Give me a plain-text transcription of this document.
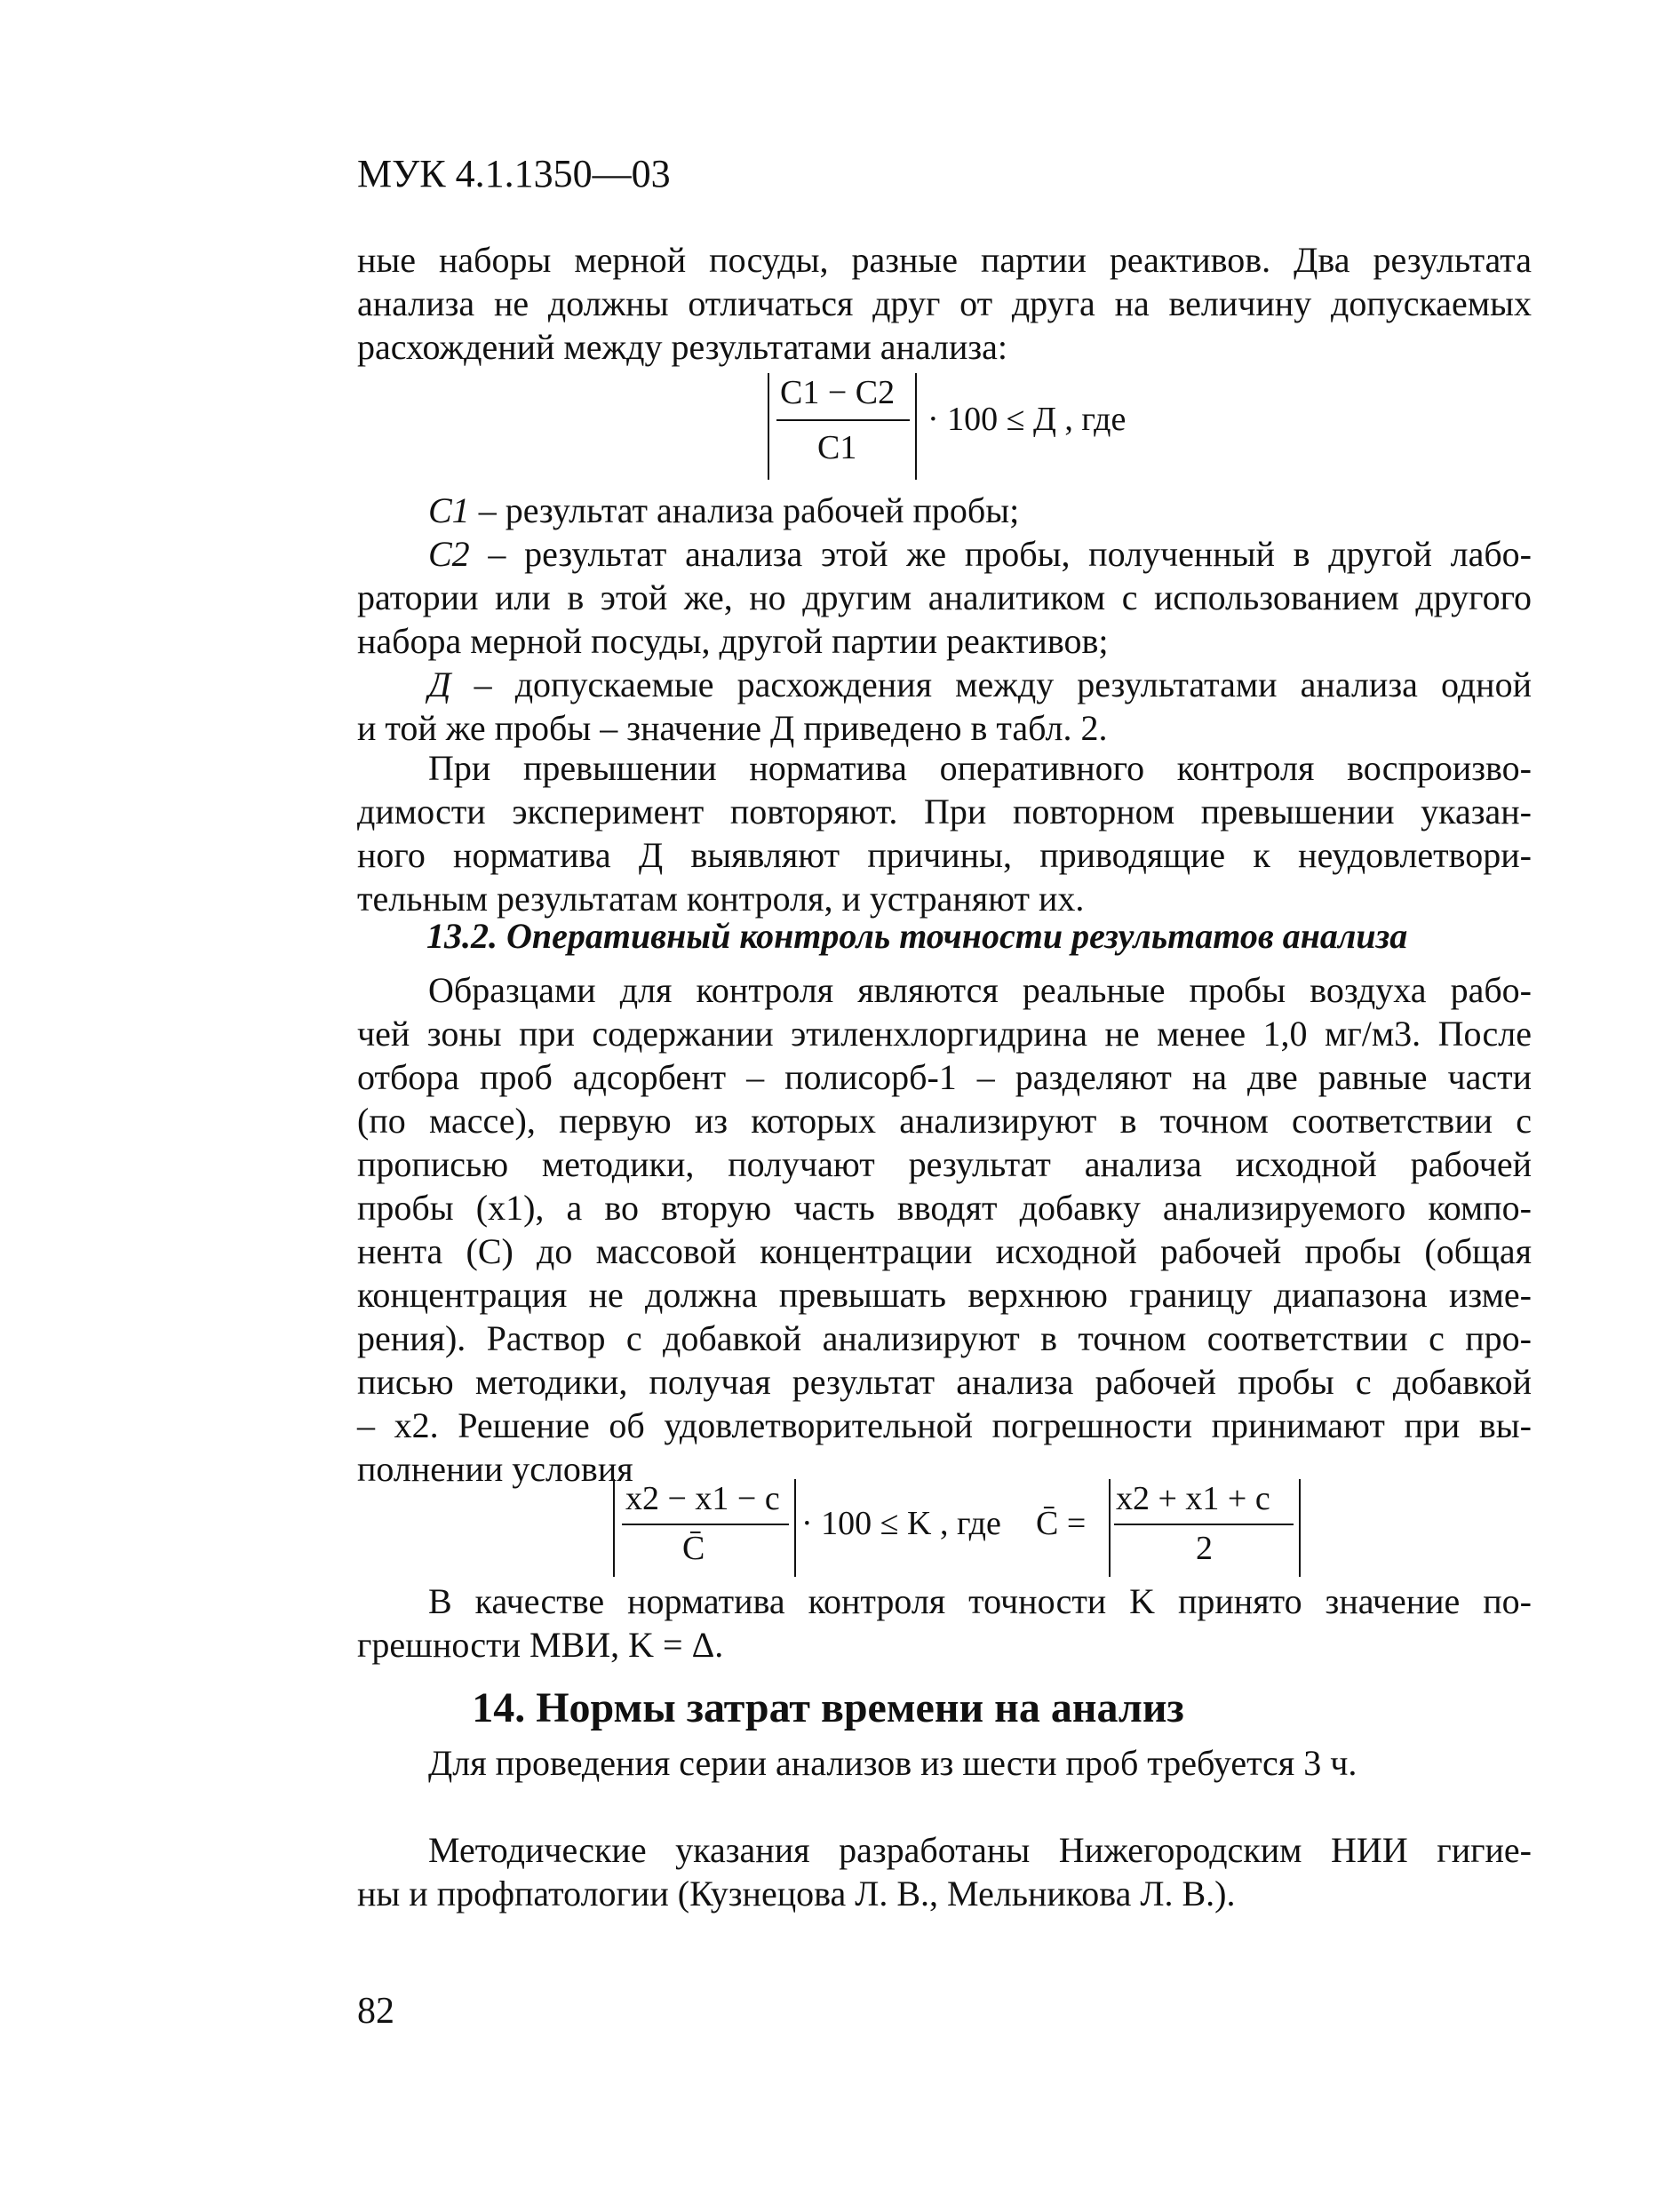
МУК 4.1.1350—03
ные наборы мерной посуды, разные партии реактивов. Два результата
анализа не должны отличаться друг от друга на величину допускаемых
расхождений между результатами анализа:
C1 − C2
C1
· 100 ≤ Д , где
C1 – результат анализа рабочей пробы;
C2 – результат анализа этой же пробы, полученный в другой лабо-
ратории или в этой же, но другим аналитиком с использованием другого
набора мерной посуды, другой партии реактивов;
Д – допускаемые расхождения между результатами анализа одной
и той же пробы – значение Д приведено в табл. 2.
При превышении норматива оперативного контроля воспроизво-
димости эксперимент повторяют. При повторном превышении указан-
ного норматива Д выявляют причины, приводящие к неудовлетвори-
тельным результатам контроля, и устраняют их.
13.2. Оперативный контроль точности результатов анализа
Образцами для контроля являются реальные пробы воздуха рабо-
чей зоны при содержании этиленхлоргидрина не менее 1,0 мг/м3. После
отбора проб адсорбент – полисорб-1 – разделяют на две равные части
(по массе), первую из которых анализируют в точном соответствии с
прописью методики, получают результат анализа исходной рабочей
пробы (x1), а во вторую часть вводят добавку анализируемого компо-
нента (C) до массовой концентрации исходной рабочей пробы (общая
концентрация не должна превышать верхнюю границу диапазона изме-
рения). Раствор с добавкой анализируют в точном соответствии с про-
писью методики, получая результат анализа рабочей пробы с добавкой
– x2. Решение об удовлетворительной погрешности принимают при вы-
полнении условия
x2 − x1 − c
C̄
· 100 ≤ K , где C̄ =
x2 + x1 + c
2
В качестве норматива контроля точности K принято значение по-
грешности МВИ, K = Δ.
14. Нормы затрат времени на анализ
Для проведения серии анализов из шести проб требуется 3 ч.
Методические указания разработаны Нижегородским НИИ гигие-
ны и профпатологии (Кузнецова Л. В., Мельникова Л. В.).
82
